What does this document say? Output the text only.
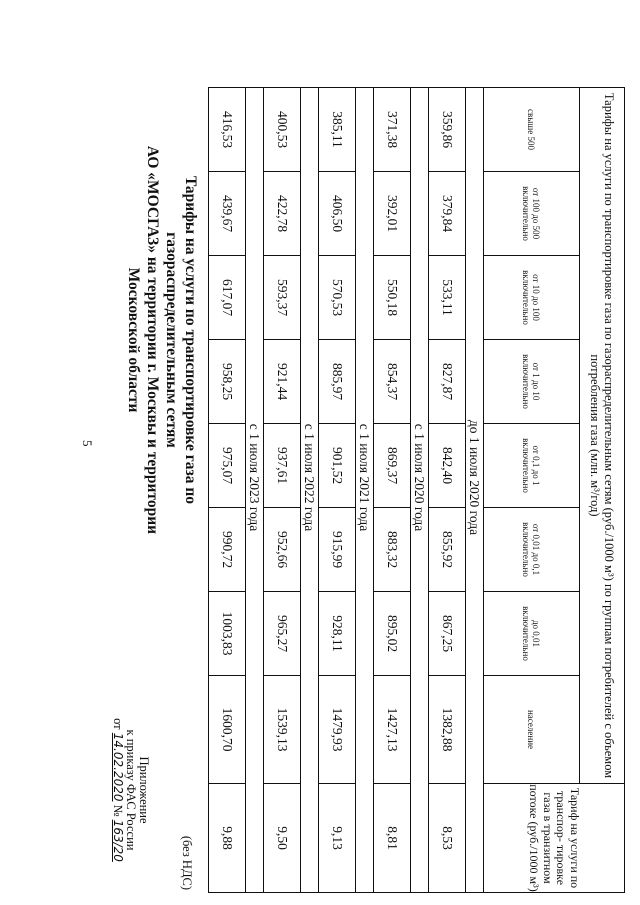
5	Тарифы на услуги по транспортировке газа по газораспределительным сетям
АО «МОСГАЗ» на территории г. Москвы и территории Московской области
Приложение
к приказу ФАС России
от 14.02.2020 № 163/20	(без НДС)
Тарифы на услуги по транспортировке газа по газораспределительным сетям (руб./1000 м³) по группам потребителей с объемом потребления газа (млн. м³/год)								Тариф на услуги по транспор- тировке газа в транзитном потоке (руб./1000 м³)
свыше 500	от 100 до 500 включительно	от 10 до 100 включительно	от 1 до 10 включительно	от 0,1 до 1 включительно	от 0,01 до 0,1 включительно	до 0,01 включительно	население	
	до 1 июля 2020 года							
359,86	379,84	533,11	827,87	842,40	855,92	867,25	1382,88	8,53
	с 1 июля 2020 года							
371,38	392,01	550,18	854,37	869,37	883,32	895,02	1427,13	8,81
	с 1 июля 2021 года							
385,11	406,50	570,53	885,97	901,52	915,99	928,11	1479,93	9,13
	с 1 июля 2022 года							
400,53	422,78	593,37	921,44	937,61	952,66	965,27	1539,13	9,50
	с 1 июля 2023 года							
416,53	439,67	617,07	958,25	975,07	990,72	1003,83	1600,70	9,88
